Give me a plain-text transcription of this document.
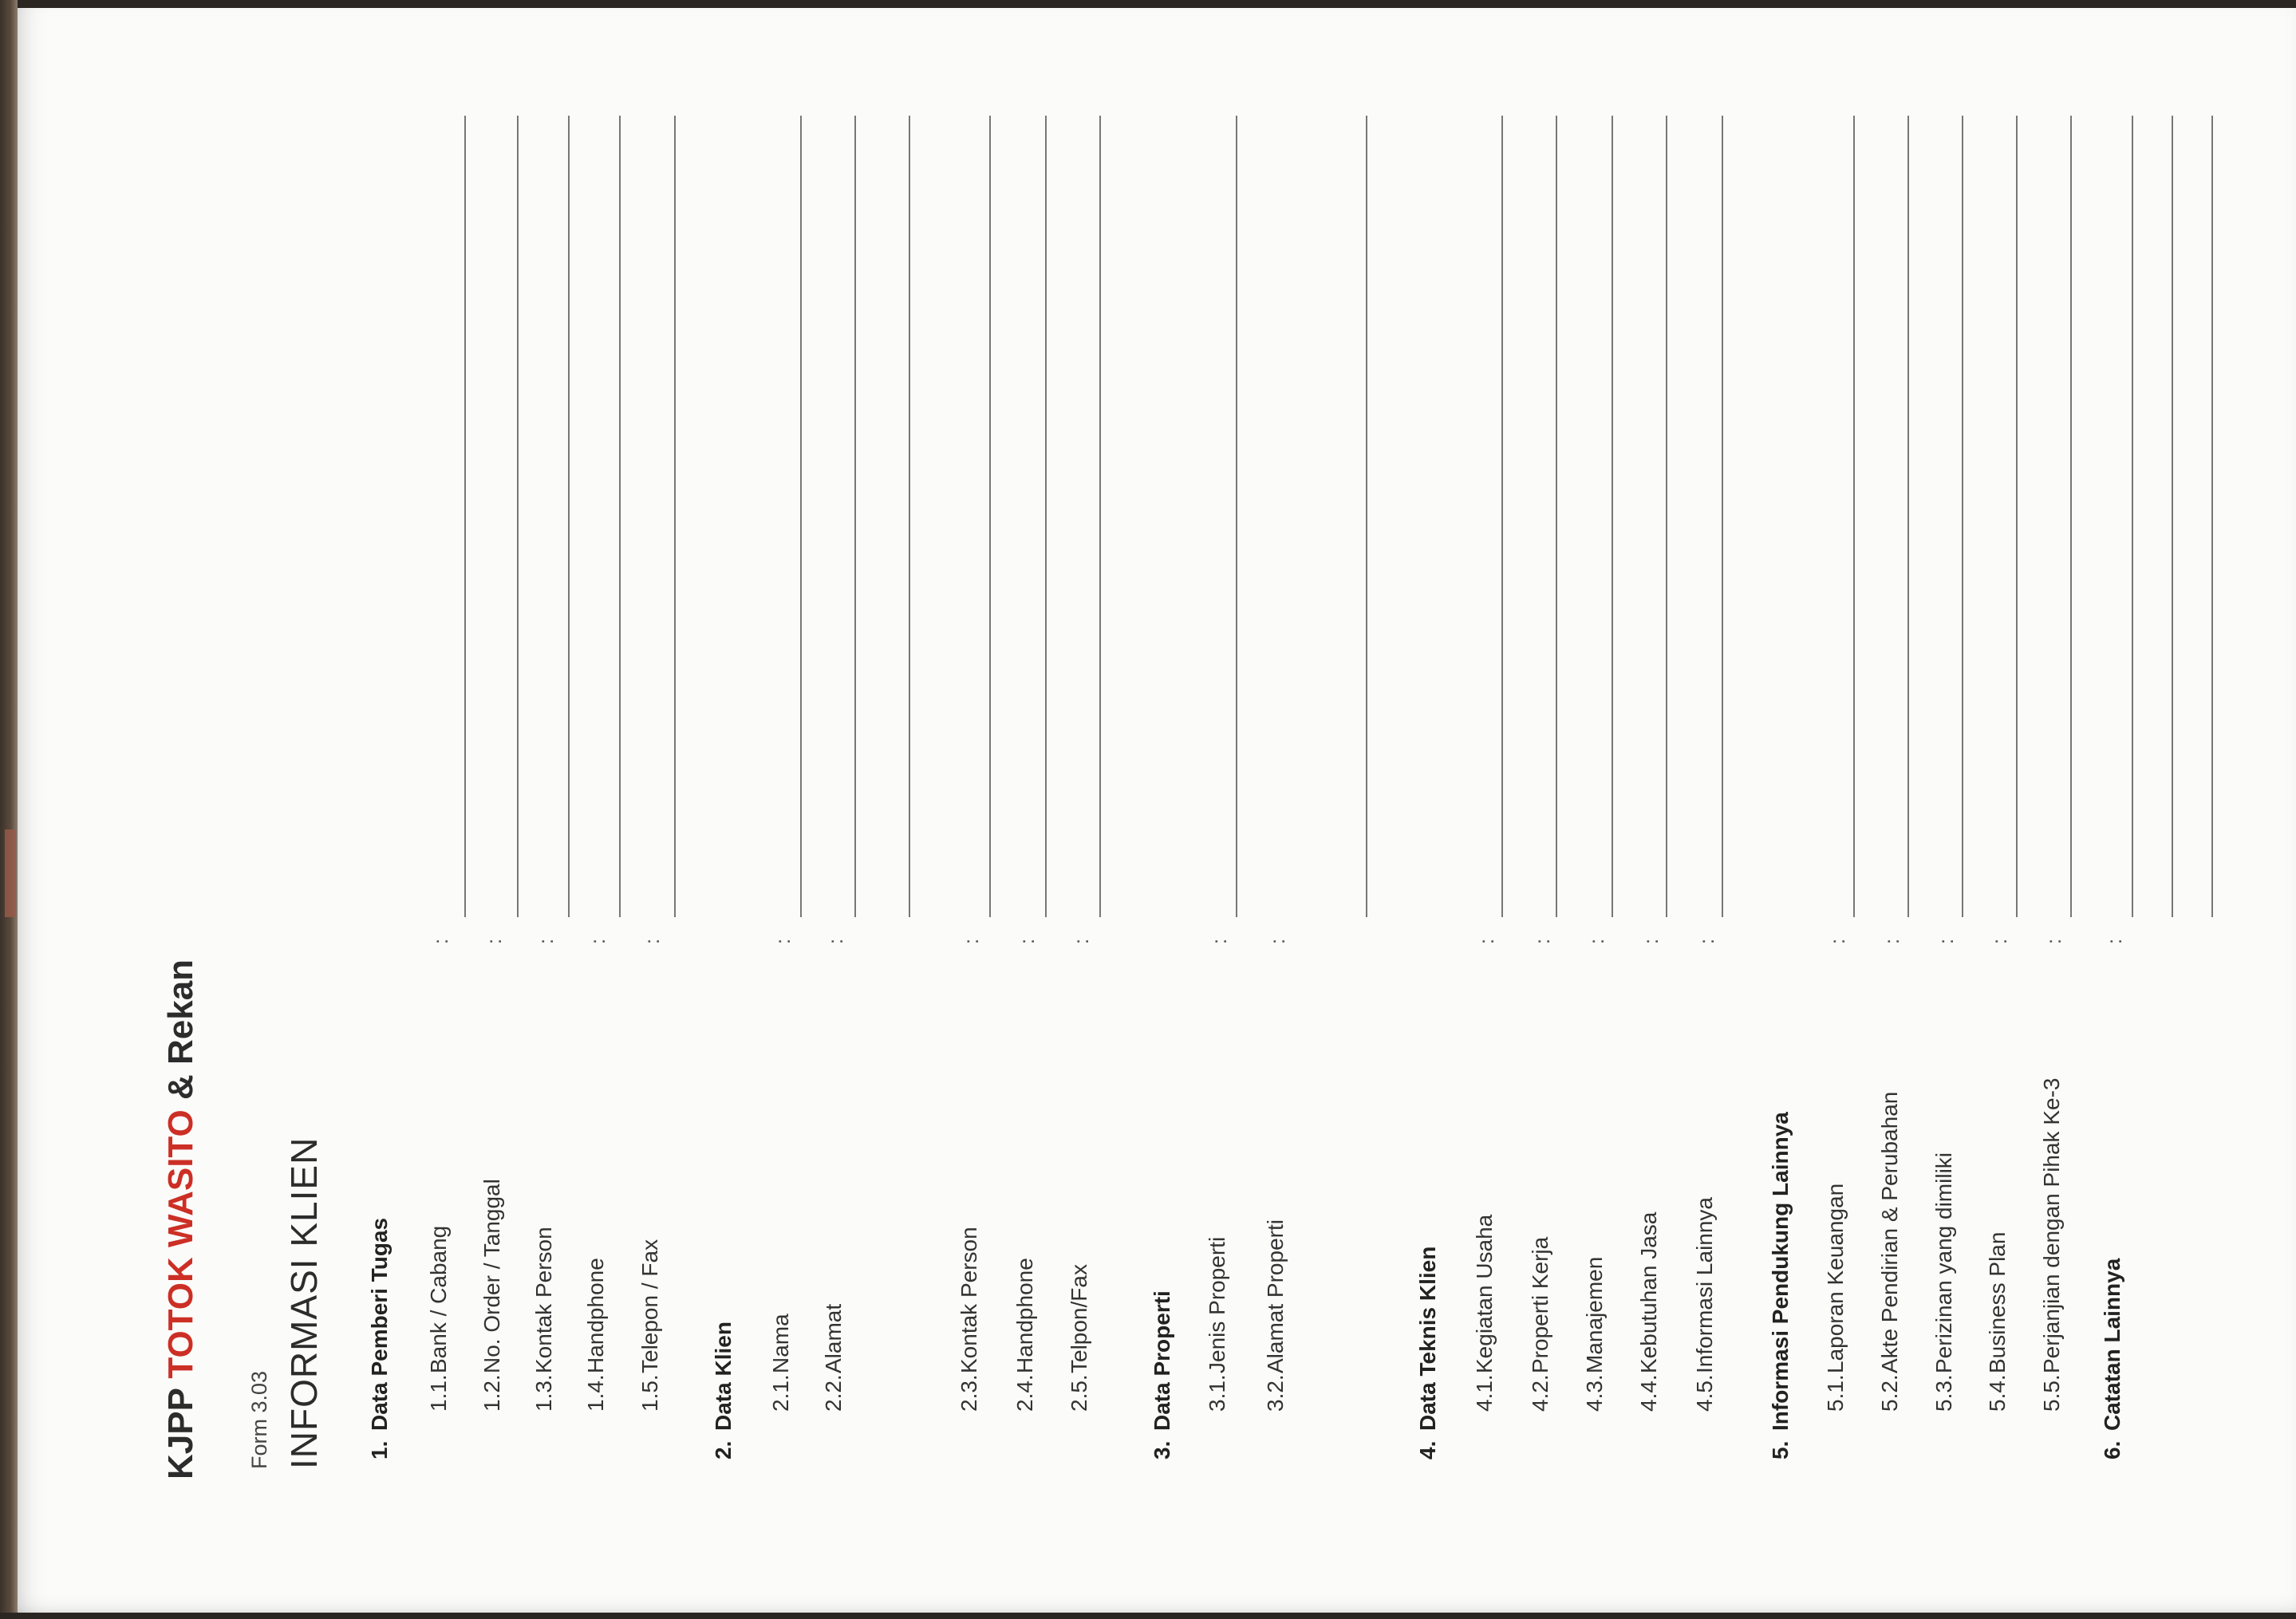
KJPP TOTOK WASITO & Rekan
Form 3.03 INFORMASI KLIEN 1.Data Pemberi Tugas 1.1.Bank / Cabang
:
1.2.No. Order / Tanggal
:
1.3.Kontak Person
:
1.4.Handphone
:
1.5.Telepon / Fax
:
2.Data Klien 2.1.Nama
:
2.2.Alamat
:
2.3.Kontak Person
:
2.4.Handphone
:
2.5.Telpon/Fax
:
3.Data Properti 3.1.Jenis Properti
:
3.2.Alamat Properti
:
4.Data Teknis Klien 4.1.Kegiatan Usaha
:
4.2.Properti Kerja
:
4.3.Manajemen
:
4.4.Kebutuhan Jasa
:
4.5.Informasi Lainnya
:
5.Informasi Pendukung Lainnya 5.1.Laporan Keuangan
:
5.2.Akte Pendirian & Perubahan
:
5.3.Perizinan yang dimiliki
:
5.4.Business Plan
:
5.5.Perjanjian dengan Pihak Ke-3
:
6.Catatan Lainnya
:
